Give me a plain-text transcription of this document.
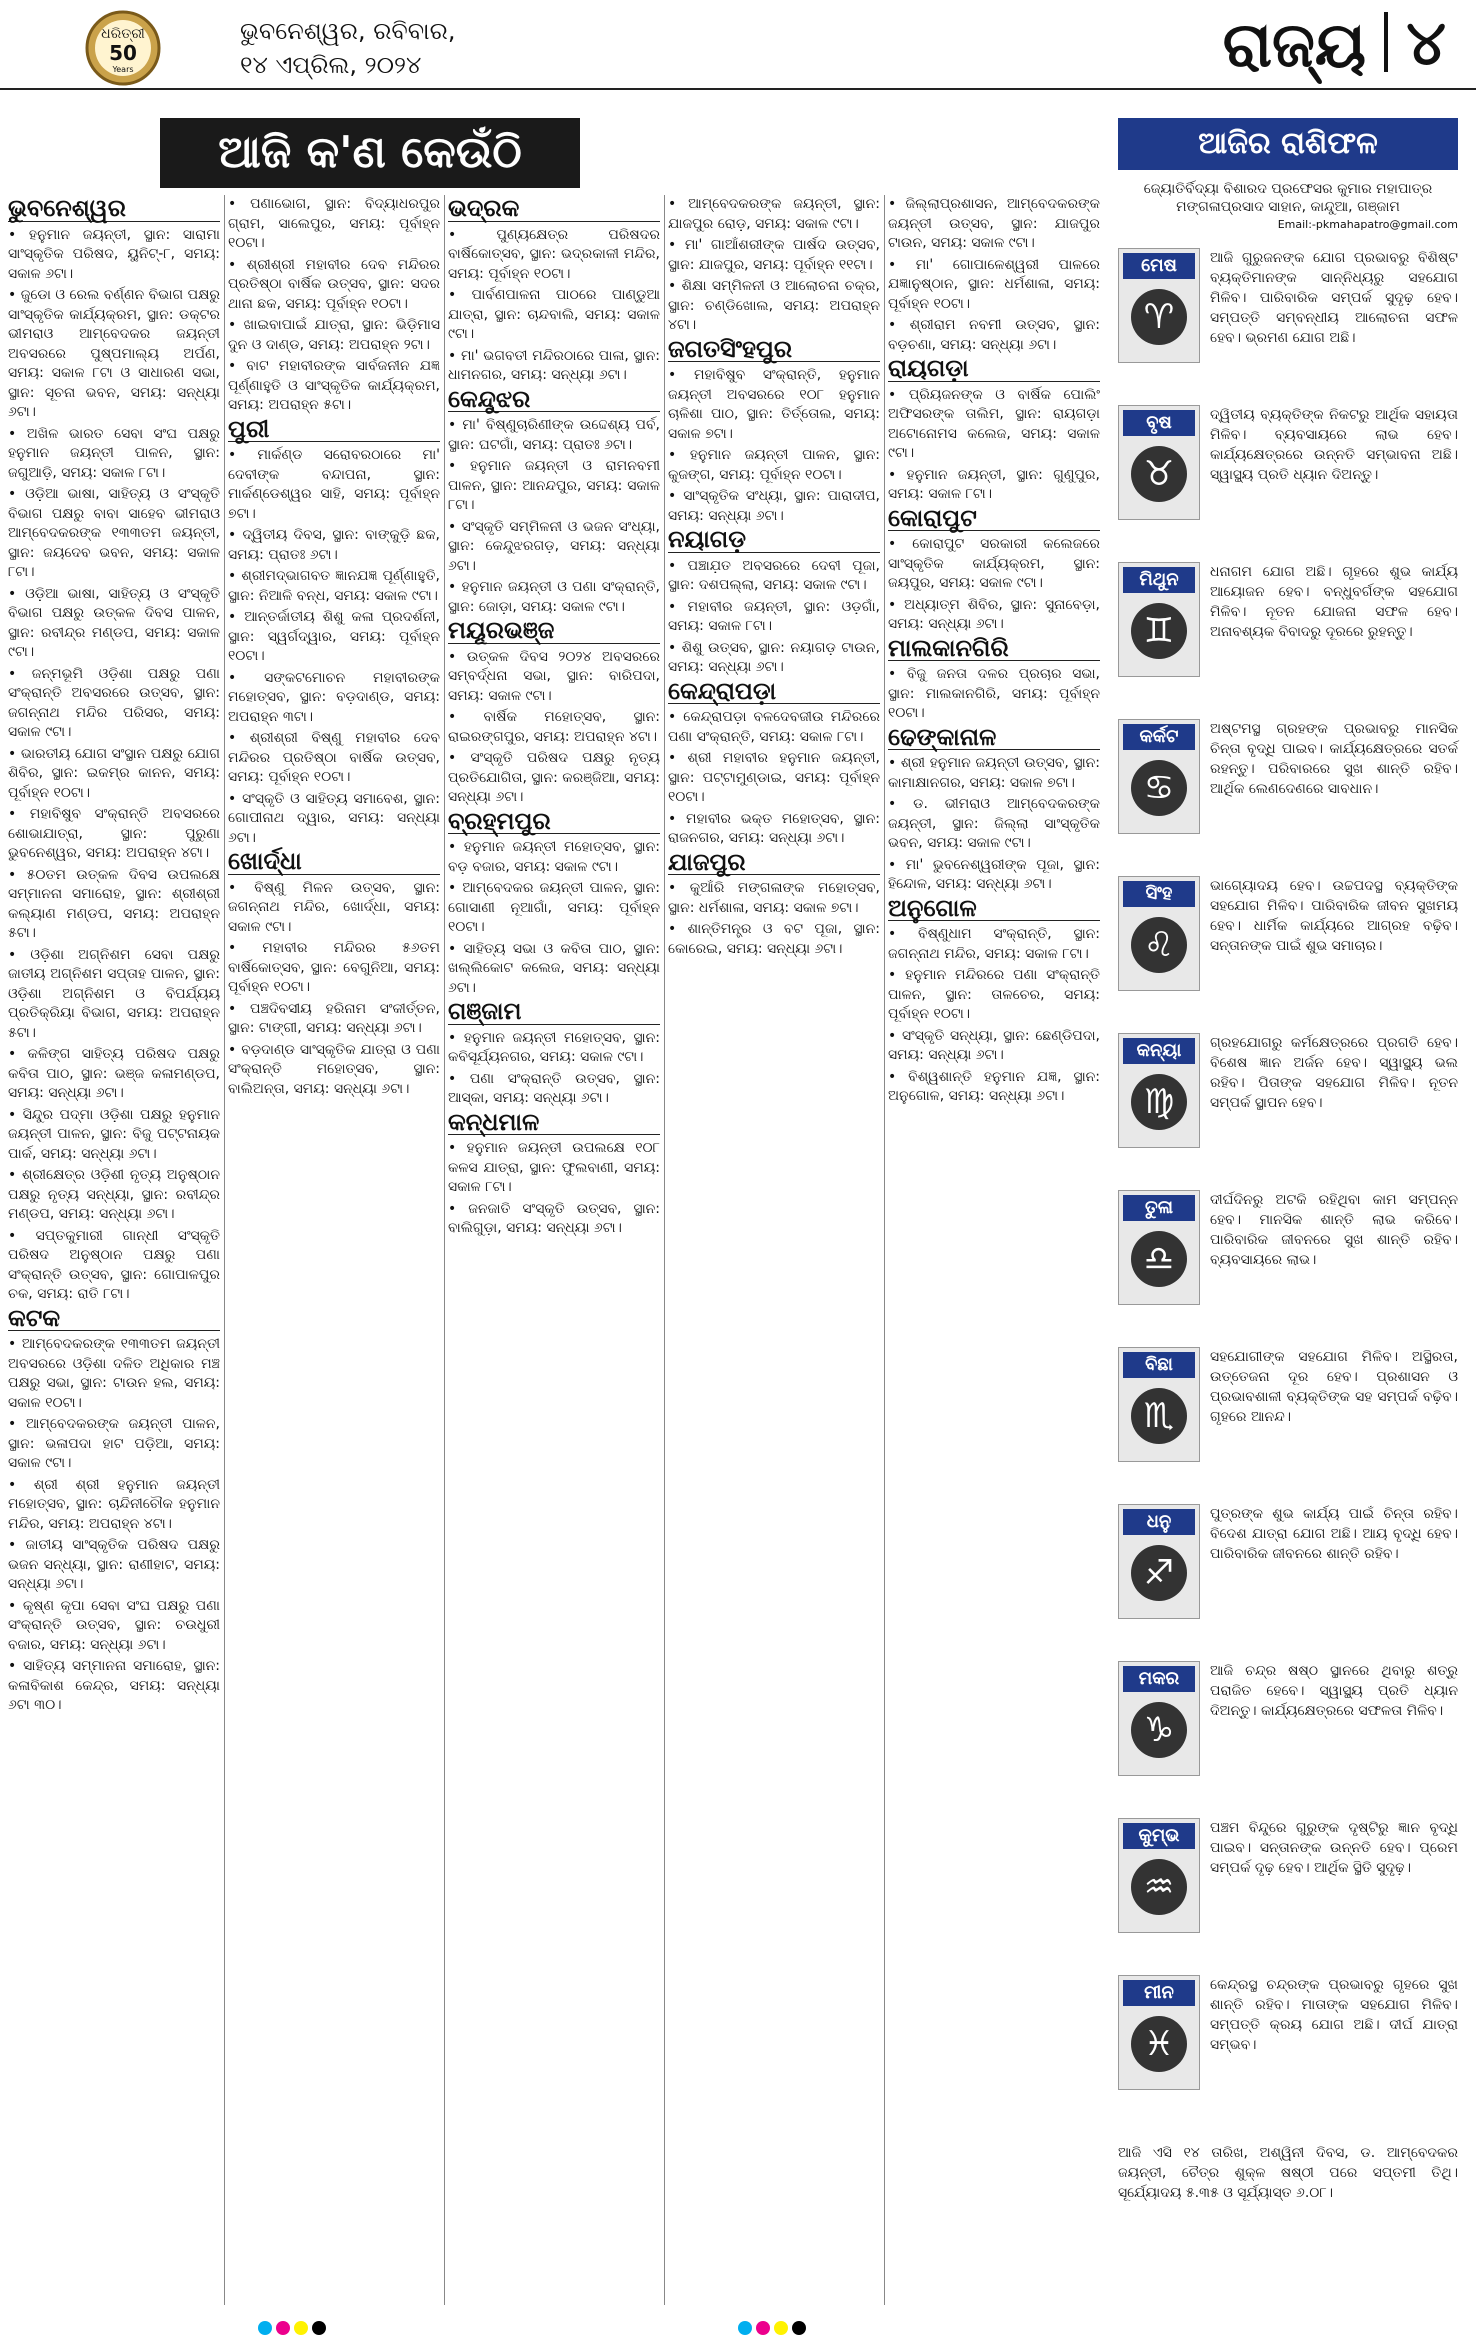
ଧରିତ୍ରୀ
50
Years
ଭୁବନେଶ୍ୱର, ରବିବାର,
୧୪ ଏପ୍ରିଲ, ୨୦୨୪	ରାଜ୍ୟ ୪
ଆଜି କ'ଣ କେଉଁଠି
ଭୁବନେଶ୍ୱର

• ହନୁମାନ ଜୟନ୍ତୀ, ସ୍ଥାନ: ସାରାମା ସାଂସ୍କୃତିକ ପରିଷଦ, ୟୁନିଟ୍-୮, ସମୟ: ସକାଳ ୬ଟା।

• ଜୁଡୋ ଓ ରେଲ ବର୍ଣ୍ଣନ ବିଭାଗ ପକ୍ଷରୁ ସାଂସ୍କୃତିକ କାର୍ଯ୍ୟକ୍ରମ, ସ୍ଥାନ: ଡକ୍ଟର ଭୀମରାଓ ଆମ୍ବେଦକର ଜୟନ୍ତୀ ଅବସରରେ ପୁଷ୍ପମାଲ୍ୟ ଅର୍ପଣ, ସମୟ: ସକାଳ ୮ଟା ଓ ସାଧାରଣ ସଭା, ସ୍ଥାନ: ସୂଚନା ଭବନ, ସମୟ: ସନ୍ଧ୍ୟା ୬ଟା।

• ଅଖିଳ ଭାରତ ସେବା ସଂଘ ପକ୍ଷରୁ ହନୁମାନ ଜୟନ୍ତୀ ପାଳନ, ସ୍ଥାନ: ଜଗୁଆଡ଼ି, ସମୟ: ସକାଳ ୮ଟା।

• ଓଡ଼ିଆ ଭାଷା, ସାହିତ୍ୟ ଓ ସଂସ୍କୃତି ବିଭାଗ ପକ୍ଷରୁ ବାବା ସାହେବ ଭୀମରାଓ ଆମ୍ବେଦକରଙ୍କ ୧୩୩ତମ ଜୟନ୍ତୀ, ସ୍ଥାନ: ଜୟଦେବ ଭବନ, ସମୟ: ସକାଳ ୮ଟା।

• ଓଡ଼ିଆ ଭାଷା, ସାହିତ୍ୟ ଓ ସଂସ୍କୃତି ବିଭାଗ ପକ୍ଷରୁ ଉତ୍କଳ ଦିବସ ପାଳନ, ସ୍ଥାନ: ରବୀନ୍ଦ୍ର ମଣ୍ଡପ, ସମୟ: ସକାଳ ୯ଟା।

• ଜନ୍ମଭୂମି ଓଡ଼ିଶା ପକ୍ଷରୁ ପଣା ସଂକ୍ରାନ୍ତି ଅବସରରେ ଉତ୍ସବ, ସ୍ଥାନ: ଜଗନ୍ନାଥ ମନ୍ଦିର ପରିସର, ସମୟ: ସକାଳ ୯ଟା।

• ଭାରତୀୟ ଯୋଗ ସଂସ୍ଥାନ ପକ୍ଷରୁ ଯୋଗ ଶିବିର, ସ୍ଥାନ: ଇକମ୍ର କାନନ, ସମୟ: ପୂର୍ବାହ୍ନ ୧୦ଟା।

• ମହାବିଷୁବ ସଂକ୍ରାନ୍ତି ଅବସରରେ ଶୋଭାଯାତ୍ରା, ସ୍ଥାନ: ପୁରୁଣା ଭୁବନେଶ୍ୱର, ସମୟ: ଅପରାହ୍ନ ୪ଟା।

• ୫୦ତମ ଉତ୍କଳ ଦିବସ ଉପଲକ୍ଷେ ସମ୍ମାନନା ସମାରୋହ, ସ୍ଥାନ: ଶ୍ରୀଶ୍ରୀ କଲ୍ୟାଣ ମଣ୍ଡପ, ସମୟ: ଅପରାହ୍ନ ୫ଟା।

• ଓଡ଼ିଶା ଅଗ୍ନିଶମ ସେବା ପକ୍ଷରୁ ଜାତୀୟ ଅଗ୍ନିଶମ ସପ୍ତାହ ପାଳନ, ସ୍ଥାନ: ଓଡ଼ିଶା ଅଗ୍ନିଶମ ଓ ବିପର୍ଯ୍ୟୟ ପ୍ରତିକ୍ରିୟା ବିଭାଗ, ସମୟ: ଅପରାହ୍ନ ୫ଟା।

• କଳିଙ୍ଗ ସାହିତ୍ୟ ପରିଷଦ ପକ୍ଷରୁ କବିତା ପାଠ, ସ୍ଥାନ: ଭଞ୍ଜ କଳାମଣ୍ଡପ, ସମୟ: ସନ୍ଧ୍ୟା ୬ଟା।

• ସିନ୍ଦୁର ପଦ୍ମା ଓଡ଼ିଶା ପକ୍ଷରୁ ହନୁମାନ ଜୟନ୍ତୀ ପାଳନ, ସ୍ଥାନ: ବିଜୁ ପଟ୍ଟନାୟକ ପାର୍କ, ସମୟ: ସନ୍ଧ୍ୟା ୬ଟା।

• ଶ୍ରୀକ୍ଷେତ୍ର ଓଡ଼ିଶୀ ନୃତ୍ୟ ଅନୁଷ୍ଠାନ ପକ୍ଷରୁ ନୃତ୍ୟ ସନ୍ଧ୍ୟା, ସ୍ଥାନ: ରବୀନ୍ଦ୍ର ମଣ୍ଡପ, ସମୟ: ସନ୍ଧ୍ୟା ୬ଟା।

• ସପ୍ତକୁମାରୀ ଗାନ୍ଧୀ ସଂସ୍କୃତି ପରିଷଦ ଅନୁଷ୍ଠାନ ପକ୍ଷରୁ ପଣା ସଂକ୍ରାନ୍ତି ଉତ୍ସବ, ସ୍ଥାନ: ଗୋପାଳପୁର ଚକ, ସମୟ: ରାତି ୮ଟା।

କଟକ

• ଆମ୍ବେଦକରଙ୍କ ୧୩୩ତମ ଜୟନ୍ତୀ ଅବସରରେ ଓଡ଼ିଶା ଦଳିତ ଅଧିକାର ମଞ୍ଚ ପକ୍ଷରୁ ସଭା, ସ୍ଥାନ: ଟାଉନ ହଲ, ସମୟ: ସକାଳ ୧୦ଟା।

• ଆମ୍ବେଦକରଙ୍କ ଜୟନ୍ତୀ ପାଳନ, ସ୍ଥାନ: ଭଳାପଦା ହାଟ ପଡ଼ିଆ, ସମୟ: ସକାଳ ୯ଟା।

• ଶ୍ରୀ ଶ୍ରୀ ହନୁମାନ ଜୟନ୍ତୀ ମହୋତ୍ସବ, ସ୍ଥାନ: ଚାନ୍ଦିନୀଚୌକ ହନୁମାନ ମନ୍ଦିର, ସମୟ: ଅପରାହ୍ନ ୪ଟା।

• ଜାତୀୟ ସାଂସ୍କୃତିକ ପରିଷଦ ପକ୍ଷରୁ ଭଜନ ସନ୍ଧ୍ୟା, ସ୍ଥାନ: ରାଣୀହାଟ, ସମୟ: ସନ୍ଧ୍ୟା ୬ଟା।

• କୃଷ୍ଣ କୃପା ସେବା ସଂଘ ପକ୍ଷରୁ ପଣା ସଂକ୍ରାନ୍ତି ଉତ୍ସବ, ସ୍ଥାନ: ଚଉଧୁରୀ ବଜାର, ସମୟ: ସନ୍ଧ୍ୟା ୬ଟା।

• ସାହିତ୍ୟ ସମ୍ମାନନା ସମାରୋହ, ସ୍ଥାନ: କଳାବିକାଶ କେନ୍ଦ୍ର, ସମୟ: ସନ୍ଧ୍ୟା ୬ଟା ୩୦।

• ପଣାଭୋଗ, ସ୍ଥାନ: ବିଦ୍ୟାଧରପୁର ଗ୍ରାମ, ସାଲେପୁର, ସମୟ: ପୂର୍ବାହ୍ନ ୧୦ଟା।

• ଶ୍ରୀଶ୍ରୀ ମହାବୀର ଦେବ ମନ୍ଦିରର ପ୍ରତିଷ୍ଠା ବାର୍ଷିକ ଉତ୍ସବ, ସ୍ଥାନ: ସଦର ଥାନା ଛକ, ସମୟ: ପୂର୍ବାହ୍ନ ୧୦ଟା।

• ଖାଇବାପାଇଁ ଯାତ୍ରା, ସ୍ଥାନ: ଭିଡ଼ିମାସ ଦୁନ ଓ ଦାଣ୍ଡ, ସମୟ: ଅପରାହ୍ନ ୨ଟା।

• ବାଟ ମହାବୀରଙ୍କ ସାର୍ବଜନୀନ ଯଜ୍ଞ ପୂର୍ଣ୍ଣାହୁତି ଓ ସାଂସ୍କୃତିକ କାର୍ଯ୍ୟକ୍ରମ, ସମୟ: ଅପରାହ୍ନ ୫ଟା।

ପୁରୀ

• ମାର୍କଣ୍ଡ ସରୋବରଠାରେ ମା' ଦେବୀଙ୍କ ବନ୍ଦାପନା, ସ୍ଥାନ: ମାର୍କଣ୍ଡେଶ୍ୱର ସାହି, ସମୟ: ପୂର୍ବାହ୍ନ ୭ଟା।

• ଦ୍ୱିତୀୟ ଦିବସ, ସ୍ଥାନ: ବାଙ୍କୁଡ଼ି ଛକ, ସମୟ: ପ୍ରାତଃ ୬ଟା।

• ଶ୍ରୀମଦ୍ଭାଗବତ ଜ୍ଞାନଯଜ୍ଞ ପୂର୍ଣ୍ଣାହୁତି, ସ୍ଥାନ: ନିଆଳି ବନ୍ଧ, ସମୟ: ସକାଳ ୯ଟା।

• ଆନ୍ତର୍ଜାତୀୟ ଶିଶୁ କଳା ପ୍ରଦର୍ଶନୀ, ସ୍ଥାନ: ସ୍ୱର୍ଗଦ୍ୱାର, ସମୟ: ପୂର୍ବାହ୍ନ ୧୦ଟା।

• ସଙ୍କଟମୋଚନ ମହାବୀରଙ୍କ ମହୋତ୍ସବ, ସ୍ଥାନ: ବଡ଼ଦାଣ୍ଡ, ସମୟ: ଅପରାହ୍ନ ୩ଟା।

• ଶ୍ରୀଶ୍ରୀ ବିଷ୍ଣୁ ମହାବୀର ଦେବ ମନ୍ଦିରର ପ୍ରତିଷ୍ଠା ବାର୍ଷିକ ଉତ୍ସବ, ସମୟ: ପୂର୍ବାହ୍ନ ୧୦ଟା।

• ସଂସ୍କୃତି ଓ ସାହିତ୍ୟ ସମାବେଶ, ସ୍ଥାନ: ଗୋପୀନାଥ ଦ୍ୱାର, ସମୟ: ସନ୍ଧ୍ୟା ୬ଟା।

ଖୋର୍ଦ୍ଧା

• ବିଷ୍ଣୁ ମିଳନ ଉତ୍ସବ, ସ୍ଥାନ: ଜଗନ୍ନାଥ ମନ୍ଦିର, ଖୋର୍ଦ୍ଧା, ସମୟ: ସକାଳ ୯ଟା।

• ମହାବୀର ମନ୍ଦିରର ୫୬ତମ ବାର୍ଷିକୋତ୍ସବ, ସ୍ଥାନ: ବେଗୁନିଆ, ସମୟ: ପୂର୍ବାହ୍ନ ୧୦ଟା।

• ପଞ୍ଚଦିବସୀୟ ହରିନାମ ସଂକୀର୍ତ୍ତନ, ସ୍ଥାନ: ଟାଙ୍ଗୀ, ସମୟ: ସନ୍ଧ୍ୟା ୬ଟା।

• ବଡ଼ଦାଣ୍ଡ ସାଂସ୍କୃତିକ ଯାତ୍ରା ଓ ପଣା ସଂକ୍ରାନ୍ତି ମହୋତ୍ସବ, ସ୍ଥାନ: ବାଲିଅନ୍ତା, ସମୟ: ସନ୍ଧ୍ୟା ୬ଟା।

ଭଦ୍ରକ

• ପୁଣ୍ୟକ୍ଷେତ୍ର ପରିଷଦର ବାର୍ଷିକୋତ୍ସବ, ସ୍ଥାନ: ଭଦ୍ରକାଳୀ ମନ୍ଦିର, ସମୟ: ପୂର୍ବାହ୍ନ ୧୦ଟା।

• ପାର୍ବଣପାଳନା ପାଠରେ ପାଣ୍ଡୁଆ ଯାତ୍ରା, ସ୍ଥାନ: ଚାନ୍ଦବାଲି, ସମୟ: ସକାଳ ୯ଟା।

• ମା' ଭଗବତୀ ମନ୍ଦିରଠାରେ ପାଳା, ସ୍ଥାନ: ଧାମନଗର, ସମୟ: ସନ୍ଧ୍ୟା ୬ଟା।

କେନ୍ଦୁଝର

• ମା' ବିଷ୍ଣୁଚାରିଣୀଙ୍କ ଉଦ୍ଦେଶ୍ୟ ପର୍ବ, ସ୍ଥାନ: ଘଟଗାଁ, ସମୟ: ପ୍ରାତଃ ୬ଟା।

• ହନୁମାନ ଜୟନ୍ତୀ ଓ ରାମନବମୀ ପାଳନ, ସ୍ଥାନ: ଆନନ୍ଦପୁର, ସମୟ: ସକାଳ ୮ଟା।

• ସଂସ୍କୃତି ସମ୍ମିଳନୀ ଓ ଭଜନ ସଂଧ୍ୟା, ସ୍ଥାନ: କେନ୍ଦୁଝରଗଡ଼, ସମୟ: ସନ୍ଧ୍ୟା ୬ଟା।

• ହନୁମାନ ଜୟନ୍ତୀ ଓ ପଣା ସଂକ୍ରାନ୍ତି, ସ୍ଥାନ: ଜୋଡ଼ା, ସମୟ: ସକାଳ ୯ଟା।

ମୟୂରଭଞ୍ଜ

• ଉତ୍କଳ ଦିବସ ୨୦୨୪ ଅବସରରେ ସମ୍ବର୍ଦ୍ଧନା ସଭା, ସ୍ଥାନ: ବାରିପଦା, ସମୟ: ସକାଳ ୯ଟା।

• ବାର୍ଷିକ ମହୋତ୍ସବ, ସ୍ଥାନ: ରାଇରଙ୍ଗପୁର, ସମୟ: ଅପରାହ୍ନ ୪ଟା।

• ସଂସ୍କୃତି ପରିଷଦ ପକ୍ଷରୁ ନୃତ୍ୟ ପ୍ରତିଯୋଗିତା, ସ୍ଥାନ: କରଞ୍ଜିଆ, ସମୟ: ସନ୍ଧ୍ୟା ୬ଟା।

ବ୍ରହ୍ମପୁର

• ହନୁମାନ ଜୟନ୍ତୀ ମହୋତ୍ସବ, ସ୍ଥାନ: ବଡ଼ ବଜାର, ସମୟ: ସକାଳ ୯ଟା।

• ଆମ୍ବେଦକର ଜୟନ୍ତୀ ପାଳନ, ସ୍ଥାନ: ଗୋସାଣୀ ନୂଆଗାଁ, ସମୟ: ପୂର୍ବାହ୍ନ ୧୦ଟା।

• ସାହିତ୍ୟ ସଭା ଓ କବିତା ପାଠ, ସ୍ଥାନ: ଖଲ୍ଲିକୋଟ କଲେଜ, ସମୟ: ସନ୍ଧ୍ୟା ୬ଟା।

ଗଞ୍ଜାମ

• ହନୁମାନ ଜୟନ୍ତୀ ମହୋତ୍ସବ, ସ୍ଥାନ: କବିସୂର୍ଯ୍ୟନଗର, ସମୟ: ସକାଳ ୯ଟା।

• ପଣା ସଂକ୍ରାନ୍ତି ଉତ୍ସବ, ସ୍ଥାନ: ଆସ୍କା, ସମୟ: ସନ୍ଧ୍ୟା ୬ଟା।

କନ୍ଧମାଳ

• ହନୁମାନ ଜୟନ୍ତୀ ଉପଲକ୍ଷେ ୧୦୮ କଳସ ଯାତ୍ରା, ସ୍ଥାନ: ଫୁଲବାଣୀ, ସମୟ: ସକାଳ ୮ଟା।

• ଜନଜାତି ସଂସ୍କୃତି ଉତ୍ସବ, ସ୍ଥାନ: ବାଲିଗୁଡ଼ା, ସମୟ: ସନ୍ଧ୍ୟା ୬ଟା।

• ଆମ୍ବେଦକରଙ୍କ ଜୟନ୍ତୀ, ସ୍ଥାନ: ଯାଜପୁର ରୋଡ଼, ସମୟ: ସକାଳ ୯ଟା।

• ମା' ଗାଆଁଶରୀଙ୍କ ପାର୍ଷଦ ଉତ୍ସବ, ସ୍ଥାନ: ଯାଜପୁର, ସମୟ: ପୂର୍ବାହ୍ନ ୧୧ଟା।

• ଶିକ୍ଷା ସମ୍ମିଳନୀ ଓ ଆଲୋଚନା ଚକ୍ର, ସ୍ଥାନ: ଚଣ୍ଡିଖୋଲ, ସମୟ: ଅପରାହ୍ନ ୪ଟା।

ଜଗତସିଂହପୁର

• ମହାବିଷୁବ ସଂକ୍ରାନ୍ତି, ହନୁମାନ ଜୟନ୍ତୀ ଅବସରରେ ୧୦୮ ହନୁମାନ ଚାଳିଶା ପାଠ, ସ୍ଥାନ: ତିର୍ତ୍ତୋଲ, ସମୟ: ସକାଳ ୭ଟା।

• ହନୁମାନ ଜୟନ୍ତୀ ପାଳନ, ସ୍ଥାନ: କୁଜଙ୍ଗ, ସମୟ: ପୂର୍ବାହ୍ନ ୧୦ଟା।

• ସାଂସ୍କୃତିକ ସଂଧ୍ୟା, ସ୍ଥାନ: ପାରାଦୀପ, ସମୟ: ସନ୍ଧ୍ୟା ୬ଟା।

ନୟାଗଡ଼

• ପଞ୍ଚାଯ଼ତ ଅବସରରେ ଦେବୀ ପୂଜା, ସ୍ଥାନ: ଦଶପଲ୍ଲା, ସମୟ: ସକାଳ ୯ଟା।

• ମହାବୀର ଜୟନ୍ତୀ, ସ୍ଥାନ: ଓଡ଼ଗାଁ, ସମୟ: ସକାଳ ୮ଟା।

• ଶିଶୁ ଉତ୍ସବ, ସ୍ଥାନ: ନୟାଗଡ଼ ଟାଉନ, ସମୟ: ସନ୍ଧ୍ୟା ୬ଟା।

କେନ୍ଦ୍ରାପଡ଼ା

• କେନ୍ଦ୍ରାପଡ଼ା ବଳଦେବଜୀଉ ମନ୍ଦିରରେ ପଣା ସଂକ୍ରାନ୍ତି, ସମୟ: ସକାଳ ୮ଟା।

• ଶ୍ରୀ ମହାବୀର ହନୁମାନ ଜୟନ୍ତୀ, ସ୍ଥାନ: ପଟ୍ଟାମୁଣ୍ଡାଇ, ସମୟ: ପୂର୍ବାହ୍ନ ୧୦ଟା।

• ମହାବୀର ଭକ୍ତ ମହୋତ୍ସବ, ସ୍ଥାନ: ରାଜନଗର, ସମୟ: ସନ୍ଧ୍ୟା ୬ଟା।

ଯାଜପୁର

• କୁଆଁରି ମଙ୍ଗଳାଙ୍କ ମହୋତ୍ସବ, ସ୍ଥାନ: ଧର୍ମଶାଳା, ସମୟ: ସକାଳ ୭ଟା।

• ଶାନ୍ତିମନ୍ତ୍ର ଓ ବଟ ପୂଜା, ସ୍ଥାନ: କୋରେଇ, ସମୟ: ସନ୍ଧ୍ୟା ୬ଟା।

• ଜିଲ୍ଲାପ୍ରଶାସନ, ଆମ୍ବେଦକରଙ୍କ ଜୟନ୍ତୀ ଉତ୍ସବ, ସ୍ଥାନ: ଯାଜପୁର ଟାଉନ, ସମୟ: ସକାଳ ୯ଟା।

• ମା' ଗୋପାଳେଶ୍ୱରୀ ପାଳରେ ଯଜ୍ଞାନୁଷ୍ଠାନ, ସ୍ଥାନ: ଧର୍ମଶାଳା, ସମୟ: ପୂର୍ବାହ୍ନ ୧୦ଟା।

• ଶ୍ରୀରାମ ନବମୀ ଉତ୍ସବ, ସ୍ଥାନ: ବଡ଼ଚଣା, ସମୟ: ସନ୍ଧ୍ୟା ୬ଟା।

ରାୟଗଡ଼ା

• ପ୍ରିୟଜନଙ୍କ ଓ ବାର୍ଷିକ ପୋଲିଂ ଅଫିସରଙ୍କ ତାଲିମ, ସ୍ଥାନ: ରାୟଗଡ଼ା ଅଟୋନୋମସ କଲେଜ, ସମୟ: ସକାଳ ୯ଟା।

• ହନୁମାନ ଜୟନ୍ତୀ, ସ୍ଥାନ: ଗୁଣୁପୁର, ସମୟ: ସକାଳ ୮ଟା।

କୋରାପୁଟ

• କୋରାପୁଟ ସରକାରୀ କଲେଜରେ ସାଂସ୍କୃତିକ କାର୍ଯ୍ୟକ୍ରମ, ସ୍ଥାନ: ଜୟପୁର, ସମୟ: ସକାଳ ୯ଟା।

• ଅଧ୍ୟାତ୍ମ ଶିବିର, ସ୍ଥାନ: ସୁନାବେଡ଼ା, ସମୟ: ସନ୍ଧ୍ୟା ୬ଟା।

ମାଲକାନଗିରି

• ବିଜୁ ଜନତା ଦଳର ପ୍ରଚାର ସଭା, ସ୍ଥାନ: ମାଲକାନଗିରି, ସମୟ: ପୂର୍ବାହ୍ନ ୧୦ଟା।

ଢେଙ୍କାନାଳ

• ଶ୍ରୀ ହନୁମାନ ଜୟନ୍ତୀ ଉତ୍ସବ, ସ୍ଥାନ: କାମାକ୍ଷାନଗର, ସମୟ: ସକାଳ ୭ଟା।

• ଡ. ଭୀମରାଓ ଆମ୍ବେଦକରଙ୍କ ଜୟନ୍ତୀ, ସ୍ଥାନ: ଜିଲ୍ଲା ସାଂସ୍କୃତିକ ଭବନ, ସମୟ: ସକାଳ ୯ଟା।

• ମା' ଭୁବନେଶ୍ୱରୀଙ୍କ ପୂଜା, ସ୍ଥାନ: ହିନ୍ଦୋଳ, ସମୟ: ସନ୍ଧ୍ୟା ୬ଟା।

ଅନୁଗୋଳ

• ବିଷ୍ଣୁଧାମ ସଂକ୍ରାନ୍ତି, ସ୍ଥାନ: ଜଗନ୍ନାଥ ମନ୍ଦିର, ସମୟ: ସକାଳ ୮ଟା।

• ହନୁମାନ ମନ୍ଦିରରେ ପଣା ସଂକ୍ରାନ୍ତି ପାଳନ, ସ୍ଥାନ: ତାଳଚେର, ସମୟ: ପୂର୍ବାହ୍ନ ୧୦ଟା।

• ସଂସ୍କୃତି ସନ୍ଧ୍ୟା, ସ୍ଥାନ: ଛେଣ୍ଡିପଦା, ସମୟ: ସନ୍ଧ୍ୟା ୬ଟା।

• ବିଶ୍ୱଶାନ୍ତି ହନୁମାନ ଯଜ୍ଞ, ସ୍ଥାନ: ଅନୁଗୋଳ, ସମୟ: ସନ୍ଧ୍ୟା ୬ଟା।

ଆଜିର ରାଶିଫଳ
ଜ୍ୟୋତିର୍ବିଦ୍ୟା ବିଶାରଦ ପ୍ରଫେସର କୁମାର ମହାପାତ୍ର
ମଙ୍ଗଳାପ୍ରସାଦ ସାହାନ, କାନ୍ଦୁଆ, ଗଞ୍ଜାମ
Email:-pkmahapatro@gmail.com
ମେଷ
♈
ଆଜି ଗୁରୁଜନଙ୍କ ଯୋଗ ପ୍ରଭାବରୁ ବିଶିଷ୍ଟ ବ୍ୟକ୍ତିମାନଙ୍କ ସାନ୍ନିଧ୍ୟରୁ ସହଯୋଗ ମିଳିବ। ପାରିବାରିକ ସମ୍ପର୍କ ସୁଦୃଢ଼ ହେବ। ସମ୍ପତ୍ତି ସମ୍ବନ୍ଧୀୟ ଆଲୋଚନା ସଫଳ ହେବ। ଭ୍ରମଣ ଯୋଗ ଅଛି।
ବୃଷ
♉
ଦ୍ୱିତୀୟ ବ୍ୟକ୍ତିଙ୍କ ନିକଟରୁ ଆର୍ଥିକ ସହାୟତା ମିଳିବ। ବ୍ୟବସାୟରେ ଲାଭ ହେବ। କାର୍ଯ୍ୟକ୍ଷେତ୍ରରେ ଉନ୍ନତି ସମ୍ଭାବନା ଅଛି। ସ୍ୱାସ୍ଥ୍ୟ ପ୍ରତି ଧ୍ୟାନ ଦିଅନ୍ତୁ।
ମିଥୁନ
♊
ଧନାଗମ ଯୋଗ ଅଛି। ଗୃହରେ ଶୁଭ କାର୍ଯ୍ୟ ଆୟୋଜନ ହେବ। ବନ୍ଧୁବର୍ଗଙ୍କ ସହଯୋଗ ମିଳିବ। ନୂତନ ଯୋଜନା ସଫଳ ହେବ। ଅନାବଶ୍ୟକ ବିବାଦରୁ ଦୂରରେ ରୁହନ୍ତୁ।
କର୍କଟ
♋
ଅଷ୍ଟମସ୍ଥ ଗ୍ରହଙ୍କ ପ୍ରଭାବରୁ ମାନସିକ ଚିନ୍ତା ବୃଦ୍ଧି ପାଇବ। କାର୍ଯ୍ୟକ୍ଷେତ୍ରରେ ସତର୍କ ରହନ୍ତୁ। ପରିବାରରେ ସୁଖ ଶାନ୍ତି ରହିବ। ଆର୍ଥିକ ଲେଣଦେଣରେ ସାବଧାନ।
ସିଂହ
♌
ଭାଗ୍ୟୋଦୟ ହେବ। ଉଚ୍ଚପଦସ୍ଥ ବ୍ୟକ୍ତିଙ୍କ ସହଯୋଗ ମିଳିବ। ପାରିବାରିକ ଜୀବନ ସୁଖମୟ ହେବ। ଧାର୍ମିକ କାର୍ଯ୍ୟରେ ଆଗ୍ରହ ବଢ଼ିବ। ସନ୍ତାନଙ୍କ ପାଇଁ ଶୁଭ ସମାଚାର।
କନ୍ୟା
♍
ଗ୍ରହଯୋଗରୁ କର୍ମକ୍ଷେତ୍ରରେ ପ୍ରଗତି ହେବ। ବିଶେଷ ଜ୍ଞାନ ଅର୍ଜନ ହେବ। ସ୍ୱାସ୍ଥ୍ୟ ଭଲ ରହିବ। ପିତାଙ୍କ ସହଯୋଗ ମିଳିବ। ନୂତନ ସମ୍ପର୍କ ସ୍ଥାପନ ହେବ।
ତୁଳା
♎
ଦୀର୍ଘଦିନରୁ ଅଟକି ରହିଥିବା କାମ ସମ୍ପନ୍ନ ହେବ। ମାନସିକ ଶାନ୍ତି ଲାଭ କରିବେ। ପାରିବାରିକ ଜୀବନରେ ସୁଖ ଶାନ୍ତି ରହିବ। ବ୍ୟବସାୟରେ ଲାଭ।
ବିଛା
♏
ସହଯୋଗୀଙ୍କ ସହଯୋଗ ମିଳିବ। ଅସ୍ଥିରତା, ଉତ୍ତେଜନା ଦୂର ହେବ। ପ୍ରଶାସନ ଓ ପ୍ରଭାବଶାଳୀ ବ୍ୟକ୍ତିଙ୍କ ସହ ସମ୍ପର୍କ ବଢ଼ିବ। ଗୃହରେ ଆନନ୍ଦ।
ଧନୁ
♐
ପୁତ୍ରଙ୍କ ଶୁଭ କାର୍ଯ୍ୟ ପାଇଁ ଚିନ୍ତା ରହିବ। ବିଦେଶ ଯାତ୍ରା ଯୋଗ ଅଛି। ଆୟ ବୃଦ୍ଧି ହେବ। ପାରିବାରିକ ଜୀବନରେ ଶାନ୍ତି ରହିବ।
ମକର
♑
ଆଜି ଚନ୍ଦ୍ର ଷଷ୍ଠ ସ୍ଥାନରେ ଥିବାରୁ ଶତ୍ରୁ ପରାଜିତ ହେବେ। ସ୍ୱାସ୍ଥ୍ୟ ପ୍ରତି ଧ୍ୟାନ ଦିଅନ୍ତୁ। କାର୍ଯ୍ୟକ୍ଷେତ୍ରରେ ସଫଳତା ମିଳିବ।
କୁମ୍ଭ
♒
ପଞ୍ଚମ ବିନ୍ଦୁରେ ଗୁରୁଙ୍କ ଦୃଷ୍ଟିରୁ ଜ୍ଞାନ ବୃଦ୍ଧି ପାଇବ। ସନ୍ତାନଙ୍କ ଉନ୍ନତି ହେବ। ପ୍ରେମ ସମ୍ପର୍କ ଦୃଢ଼ ହେବ। ଆର୍ଥିକ ସ୍ଥିତି ସୁଦୃଢ଼।
ମୀନ
♓
କେନ୍ଦ୍ରସ୍ଥ ଚନ୍ଦ୍ରଙ୍କ ପ୍ରଭାବରୁ ଗୃହରେ ସୁଖ ଶାନ୍ତି ରହିବ। ମାତାଙ୍କ ସହଯୋଗ ମିଳିବ। ସମ୍ପତ୍ତି କ୍ରୟ ଯୋଗ ଅଛି। ଦୀର୍ଘ ଯାତ୍ରା ସମ୍ଭବ।
ଆଜି ଏସି ୧୪ ତାରିଖ, ଅଶ୍ୱିନୀ ଦିବସ, ଡ. ଆମ୍ବେଦକର ଜୟନ୍ତୀ, ଚୈତ୍ର ଶୁକ୍ଳ ଷଷ୍ଠୀ ପରେ ସପ୍ତମୀ ତିଥି। ସୂର୍ଯ୍ୟୋଦୟ ୫.୩୫ ଓ ସୂର୍ଯ୍ୟାସ୍ତ ୬.୦୮।
